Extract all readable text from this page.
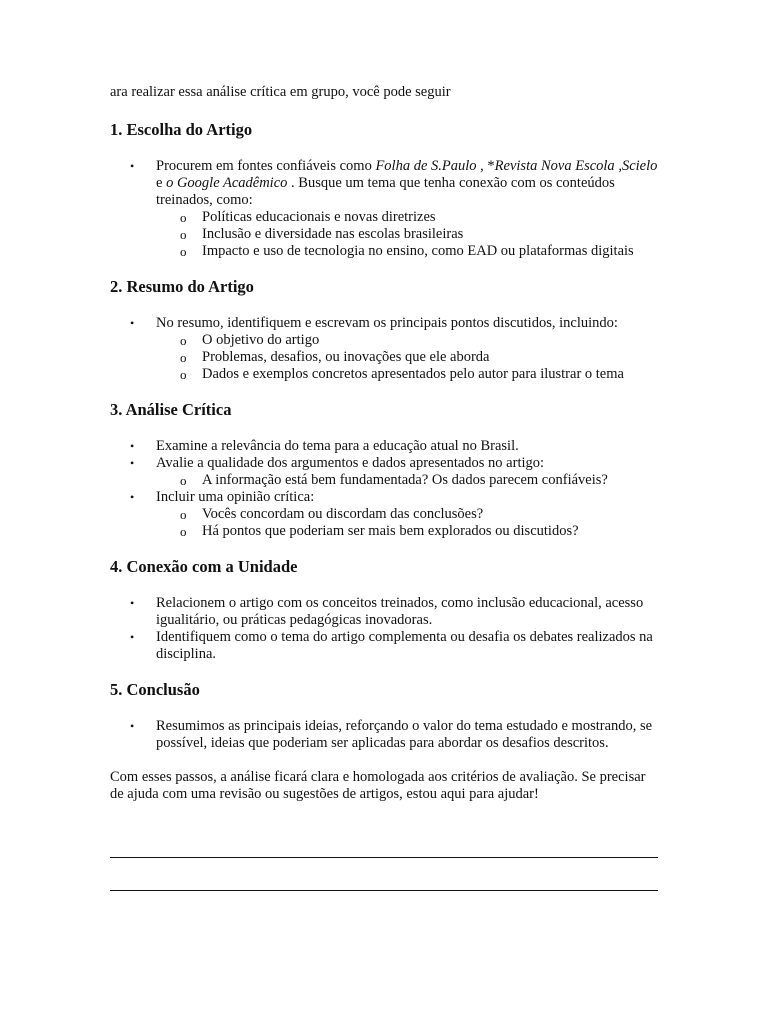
ara realizar essa análise crítica em grupo, você pode seguir

1. Escolha do Artigo
• Procurem em fontes confiáveis como Folha de S.Paulo , *Revista Nova Escola ,Scielo e o Google Acadêmico . Busque um tema que tenha conexão com os conteúdos treinados, como:
o Políticas educacionais e novas diretrizes
o Inclusão e diversidade nas escolas brasileiras
o Impacto e uso de tecnologia no ensino, como EAD ou plataformas digitais
2. Resumo do Artigo
• No resumo, identifiquem e escrevam os principais pontos discutidos, incluindo:
o O objetivo do artigo
o Problemas, desafios, ou inovações que ele aborda
o Dados e exemplos concretos apresentados pelo autor para ilustrar o tema
3. Análise Crítica
• Examine a relevância do tema para a educação atual no Brasil.
• Avalie a qualidade dos argumentos e dados apresentados no artigo:
o A informação está bem fundamentada? Os dados parecem confiáveis?
• Incluir uma opinião crítica:
o Vocês concordam ou discordam das conclusões?
o Há pontos que poderiam ser mais bem explorados ou discutidos?
4. Conexão com a Unidade
• Relacionem o artigo com os conceitos treinados, como inclusão educacional, acesso igualitário, ou práticas pedagógicas inovadoras.
• Identifiquem como o tema do artigo complementa ou desafia os debates realizados na disciplina.
5. Conclusão
• Resumimos as principais ideias, reforçando o valor do tema estudado e mostrando, se possível, ideias que poderiam ser aplicadas para abordar os desafios descritos.

Com esses passos, a análise ficará clara e homologada aos critérios de avaliação. Se precisar de ajuda com uma revisão ou sugestões de artigos, estou aqui para ajudar!
